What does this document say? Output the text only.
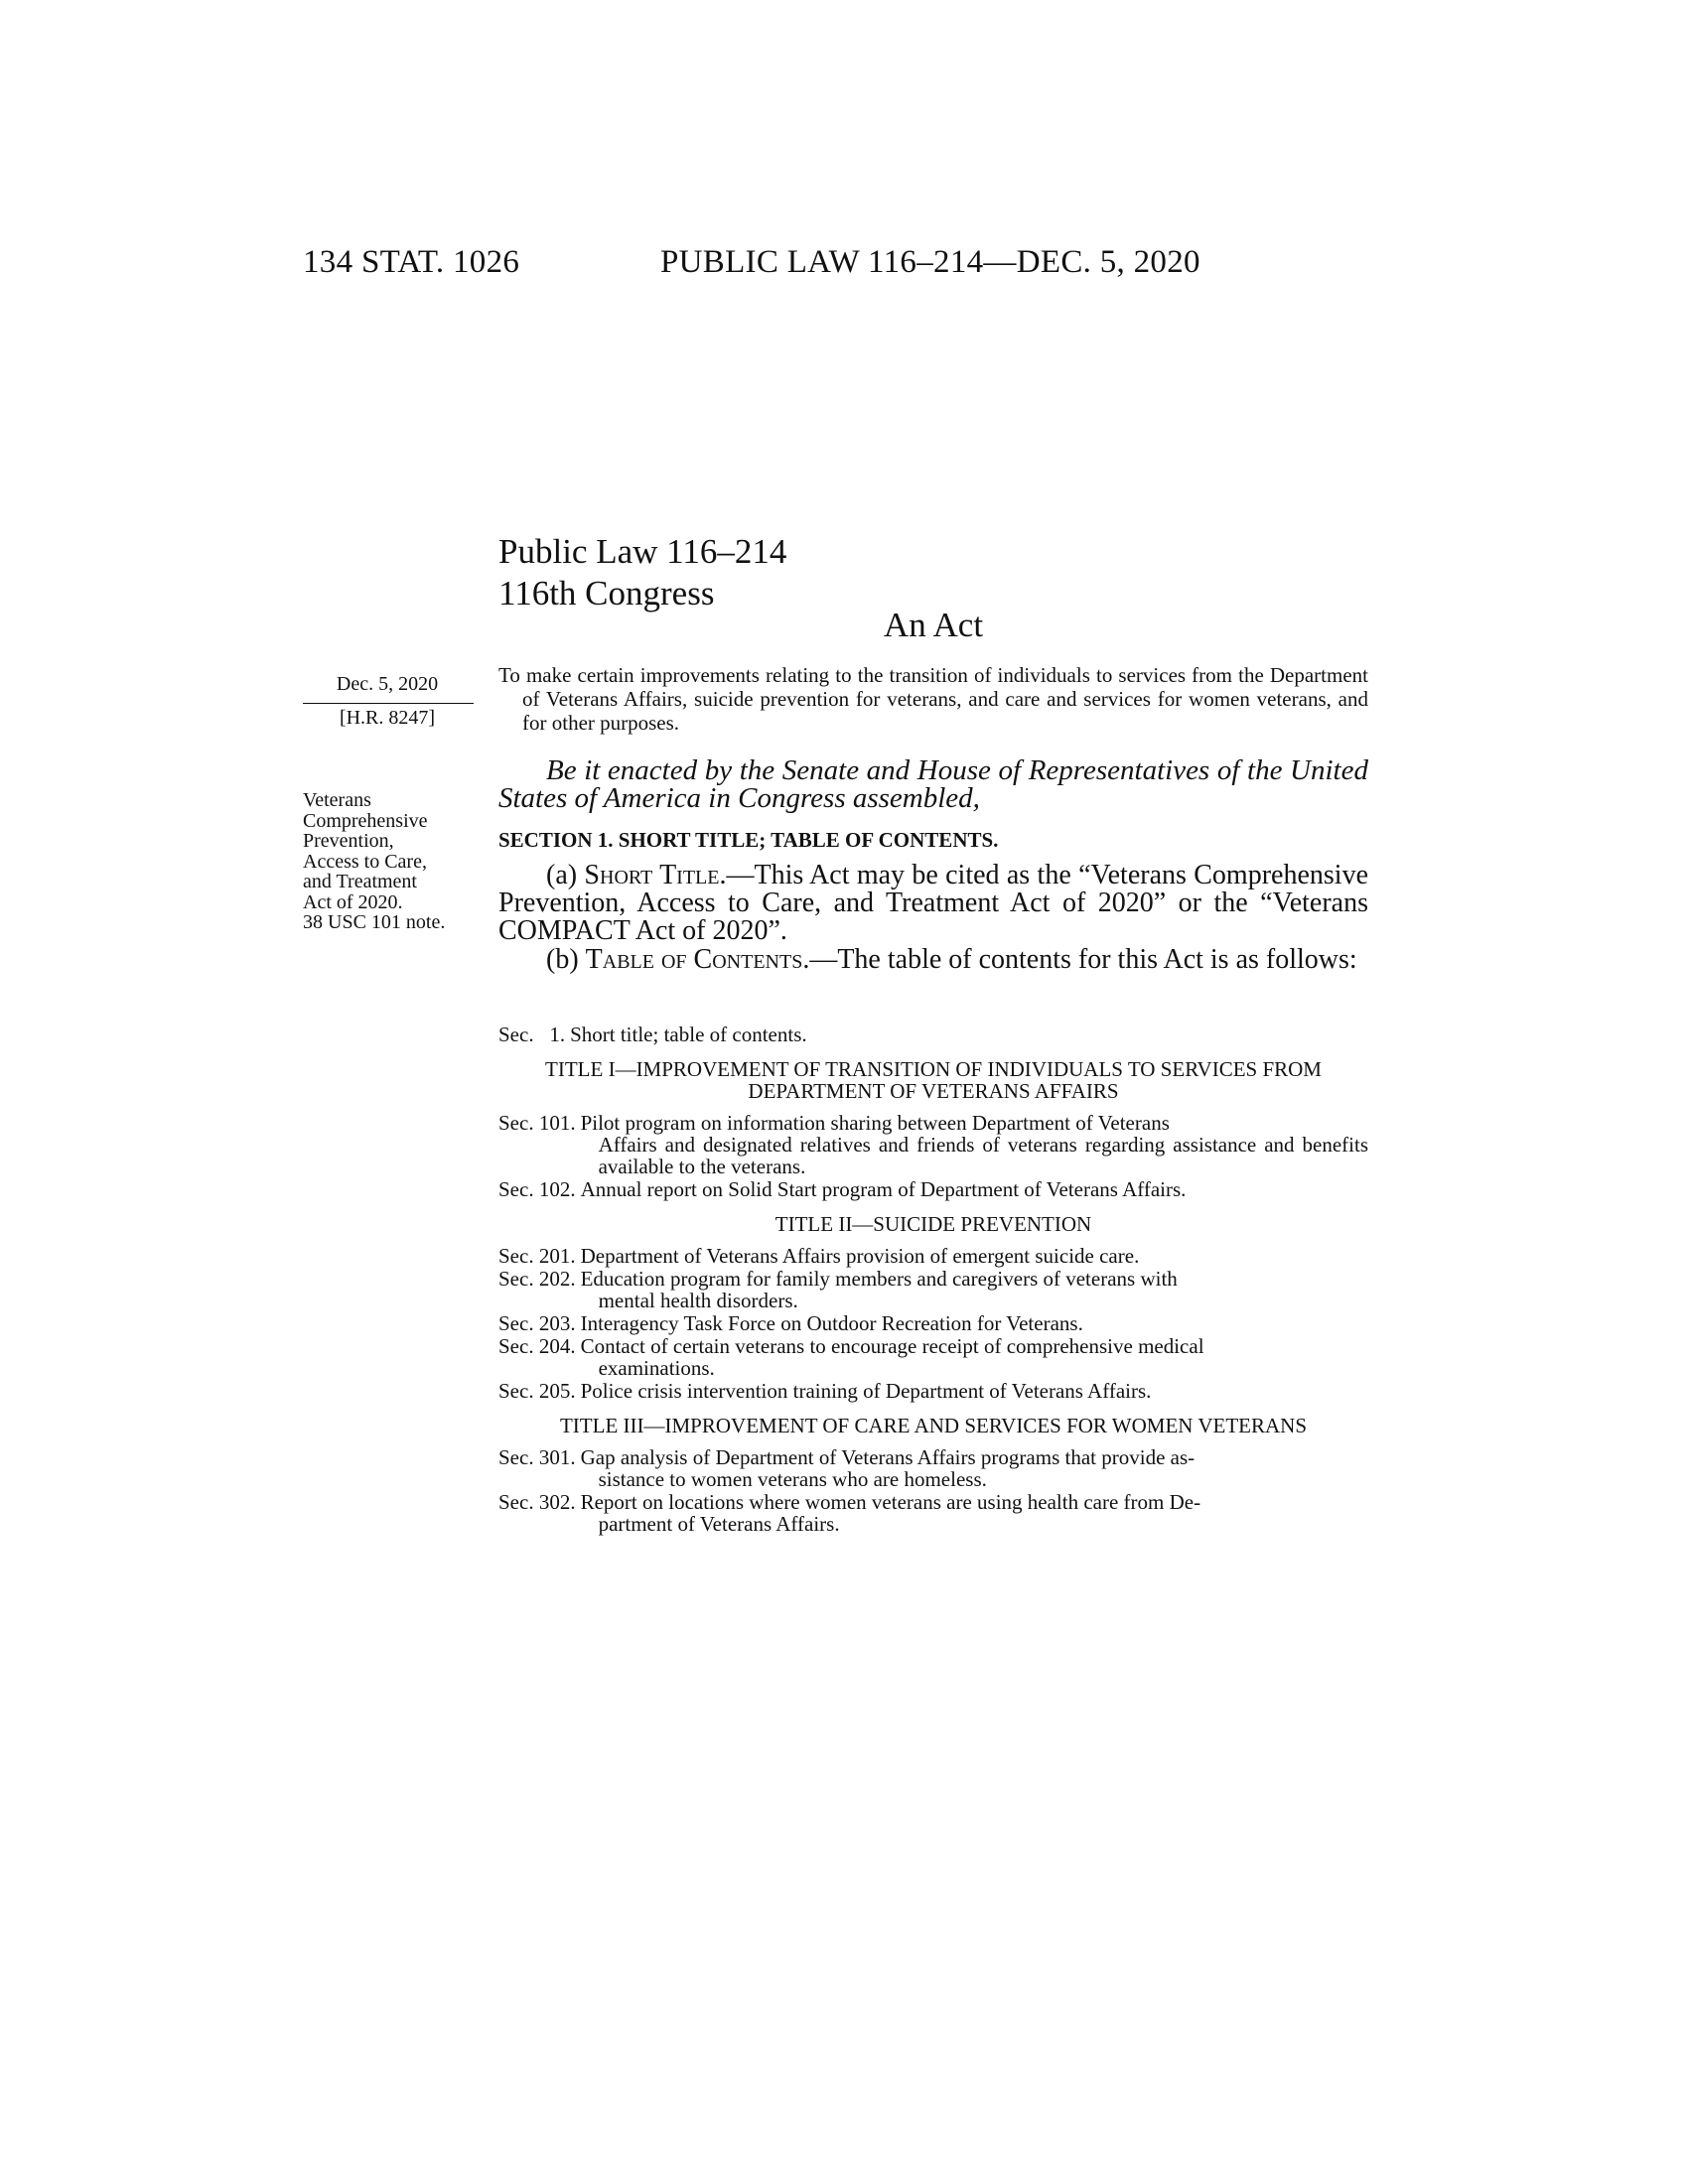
134 STAT. 1026	PUBLIC LAW 116–214—DEC. 5, 2020
Public Law 116–214
116th Congress
An Act

To make certain improvements relating to the transition of individuals to services from the Department of Veterans Affairs, suicide prevention for veterans, and care and services for women veterans, and for other purposes.

Dec. 5, 2020
[H.R. 8247]
Veterans
Comprehensive
Prevention,
Access to Care,
and Treatment
Act of 2020.
38 USC 101 note.

Be it enacted by the Senate and House of Representatives of the United States of America in Congress assembled,

SECTION 1. SHORT TITLE; TABLE OF CONTENTS.

(a) Short Title.—This Act may be cited as the “Veterans Comprehensive Prevention, Access to Care, and Treatment Act of 2020” or the “Veterans COMPACT Act of 2020”.

(b) Table of Contents.—The table of contents for this Act is as follows:

Sec.   1. Short title; table of contents.
TITLE I—IMPROVEMENT OF TRANSITION OF INDIVIDUALS TO SERVICES FROM DEPARTMENT OF VETERANS AFFAIRS
Sec. 101. Pilot program on information sharing between Department of Veterans
Affairs and designated relatives and friends of veterans regarding assistance and benefits available to the veterans.
Sec. 102. Annual report on Solid Start program of Department of Veterans Affairs.
TITLE II—SUICIDE PREVENTION
Sec. 201. Department of Veterans Affairs provision of emergent suicide care.
Sec. 202. Education program for family members and caregivers of veterans with
mental health disorders.
Sec. 203. Interagency Task Force on Outdoor Recreation for Veterans.
Sec. 204. Contact of certain veterans to encourage receipt of comprehensive medical
examinations.
Sec. 205. Police crisis intervention training of Department of Veterans Affairs.
TITLE III—IMPROVEMENT OF CARE AND SERVICES FOR WOMEN VETERANS
Sec. 301. Gap analysis of Department of Veterans Affairs programs that provide as-
sistance to women veterans who are homeless.
Sec. 302. Report on locations where women veterans are using health care from De-
partment of Veterans Affairs.
